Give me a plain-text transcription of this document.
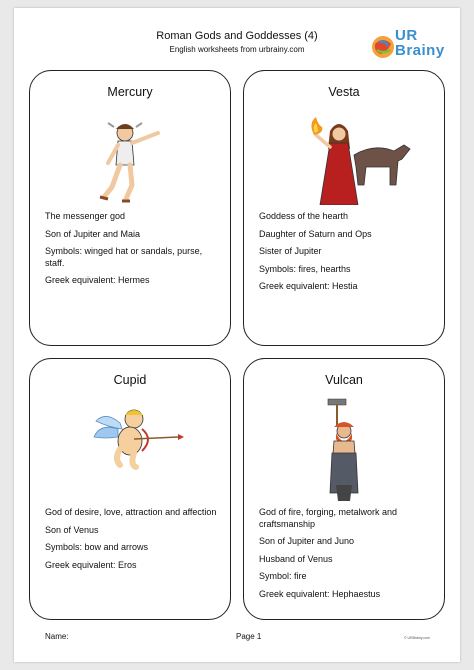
Roman Gods and Goddesses (4)
English worksheets from urbrainy.com
UR
Brainy
Mercury
The messenger god
Son of Jupiter and Maia
Symbols: winged hat or sandals, purse, staff.
Greek equivalent: Hermes
Vesta
Goddess of the hearth
Daughter of Saturn and Ops
Sister of Jupiter
Symbols: fires, hearths
Greek equivalent: Hestia
Cupid
God of desire, love, attraction and affection
Son of Venus
Symbols: bow and arrows
Greek equivalent: Eros
Vulcan
God of fire, forging, metalwork and craftsmanship
Son of Jupiter and Juno
Husband of Venus
Symbol: fire
Greek equivalent: Hephaestus
Name:	Page 1	© URBrainy.com
